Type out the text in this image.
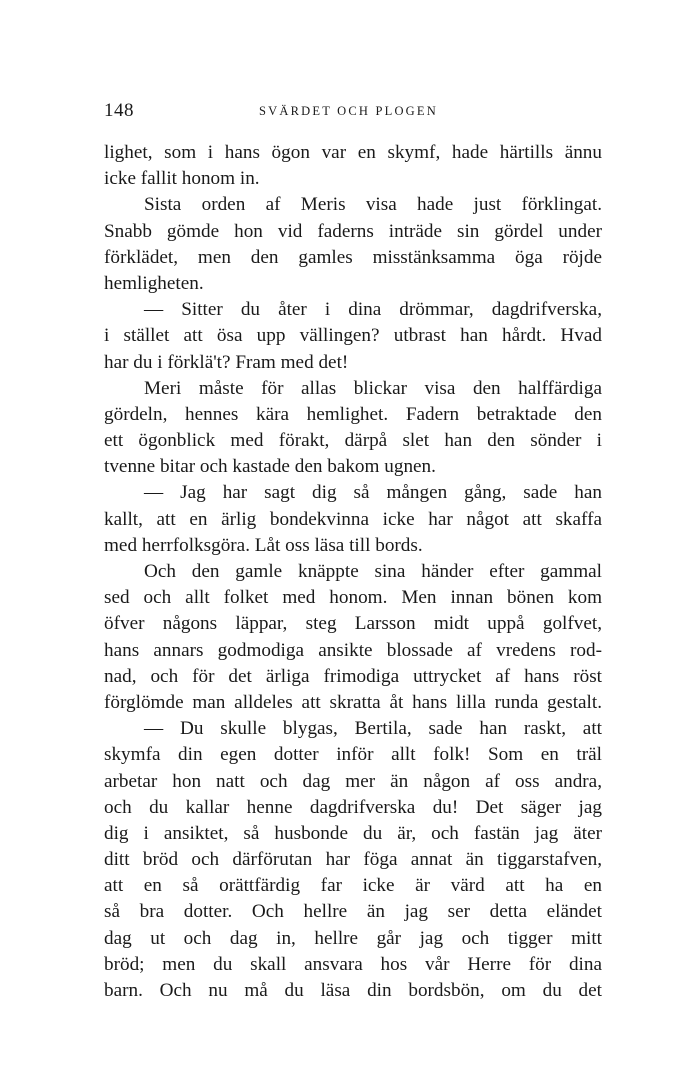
148	SVÄRDET OCH PLOGEN
lighet, som i hans ögon var en skymf, hade härtills ännu
icke fallit honom in.
Sista orden af Meris visa hade just förklingat.
Snabb gömde hon vid faderns inträde sin gördel under
förklädet, men den gamles misstänksamma öga röjde
hemligheten.
— Sitter du åter i dina drömmar, dagdrifverska,
i stället att ösa upp vällingen? utbrast han hårdt. Hvad
har du i förklä't? Fram med det!
Meri måste för allas blickar visa den halffärdiga
gördeln, hennes kära hemlighet. Fadern betraktade den
ett ögonblick med förakt, därpå slet han den sönder i
tvenne bitar och kastade den bakom ugnen.
— Jag har sagt dig så mången gång, sade han
kallt, att en ärlig bondekvinna icke har något att skaffa
med herrfolksgöra. Låt oss läsa till bords.
Och den gamle knäppte sina händer efter gammal
sed och allt folket med honom. Men innan bönen kom
öfver någons läppar, steg Larsson midt uppå golfvet,
hans annars godmodiga ansikte blossade af vredens rod-
nad, och för det ärliga frimodiga uttrycket af hans röst
förglömde man alldeles att skratta åt hans lilla runda gestalt.
— Du skulle blygas, Bertila, sade han raskt, att
skymfa din egen dotter inför allt folk! Som en träl
arbetar hon natt och dag mer än någon af oss andra,
och du kallar henne dagdrifverska du! Det säger jag
dig i ansiktet, så husbonde du är, och fastän jag äter
ditt bröd och därförutan har föga annat än tiggarstafven,
att en så orättfärdig far icke är värd att ha en
så bra dotter. Och hellre än jag ser detta eländet
dag ut och dag in, hellre går jag och tigger mitt
bröd; men du skall ansvara hos vår Herre för dina
barn. Och nu må du läsa din bordsbön, om du det
